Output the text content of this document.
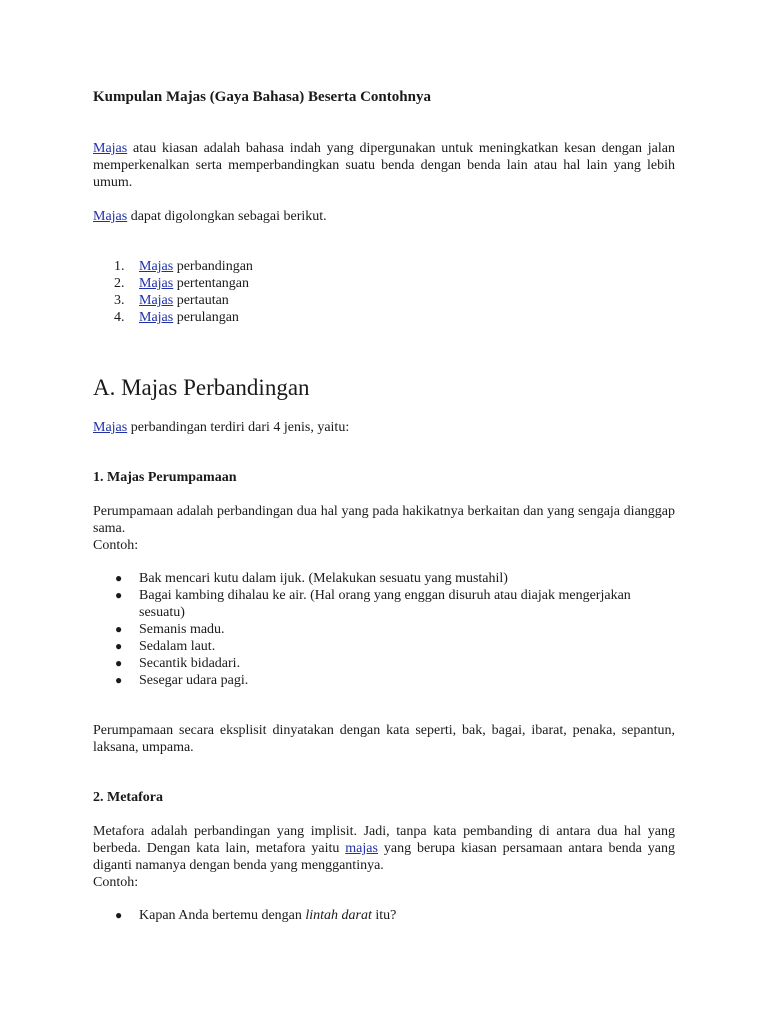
Kumpulan Majas (Gaya Bahasa) Beserta Contohnya

Majas atau kiasan adalah bahasa indah yang dipergunakan untuk meningkatkan kesan dengan jalan memperkenalkan serta memperbandingkan suatu benda dengan benda lain atau hal lain yang lebih umum.

Majas dapat digolongkan sebagai berikut.

1. Majas perbandingan
2. Majas pertentangan
3. Majas pertautan
4. Majas perulangan
A. Majas Perbandingan

Majas perbandingan terdiri dari 4 jenis, yaitu:

1. Majas Perumpamaan

Perumpamaan adalah perbandingan dua hal yang pada hakikatnya berkaitan dan yang sengaja dianggap sama.

Contoh:

● Bak mencari kutu dalam ijuk. (Melakukan sesuatu yang mustahil)
● Bagai kambing dihalau ke air. (Hal orang yang enggan disuruh atau diajak mengerjakan sesuatu)
● Semanis madu.
● Sedalam laut.
● Secantik bidadari.
● Sesegar udara pagi.

Perumpamaan secara eksplisit dinyatakan dengan kata seperti, bak, bagai, ibarat, penaka, sepantun, laksana, umpama.

2. Metafora

Metafora adalah perbandingan yang implisit. Jadi, tanpa kata pembanding di antara dua hal yang berbeda. Dengan kata lain, metafora yaitu majas yang berupa kiasan persamaan antara benda yang diganti namanya dengan benda yang menggantinya.

Contoh:

● Kapan Anda bertemu dengan lintah darat itu?
